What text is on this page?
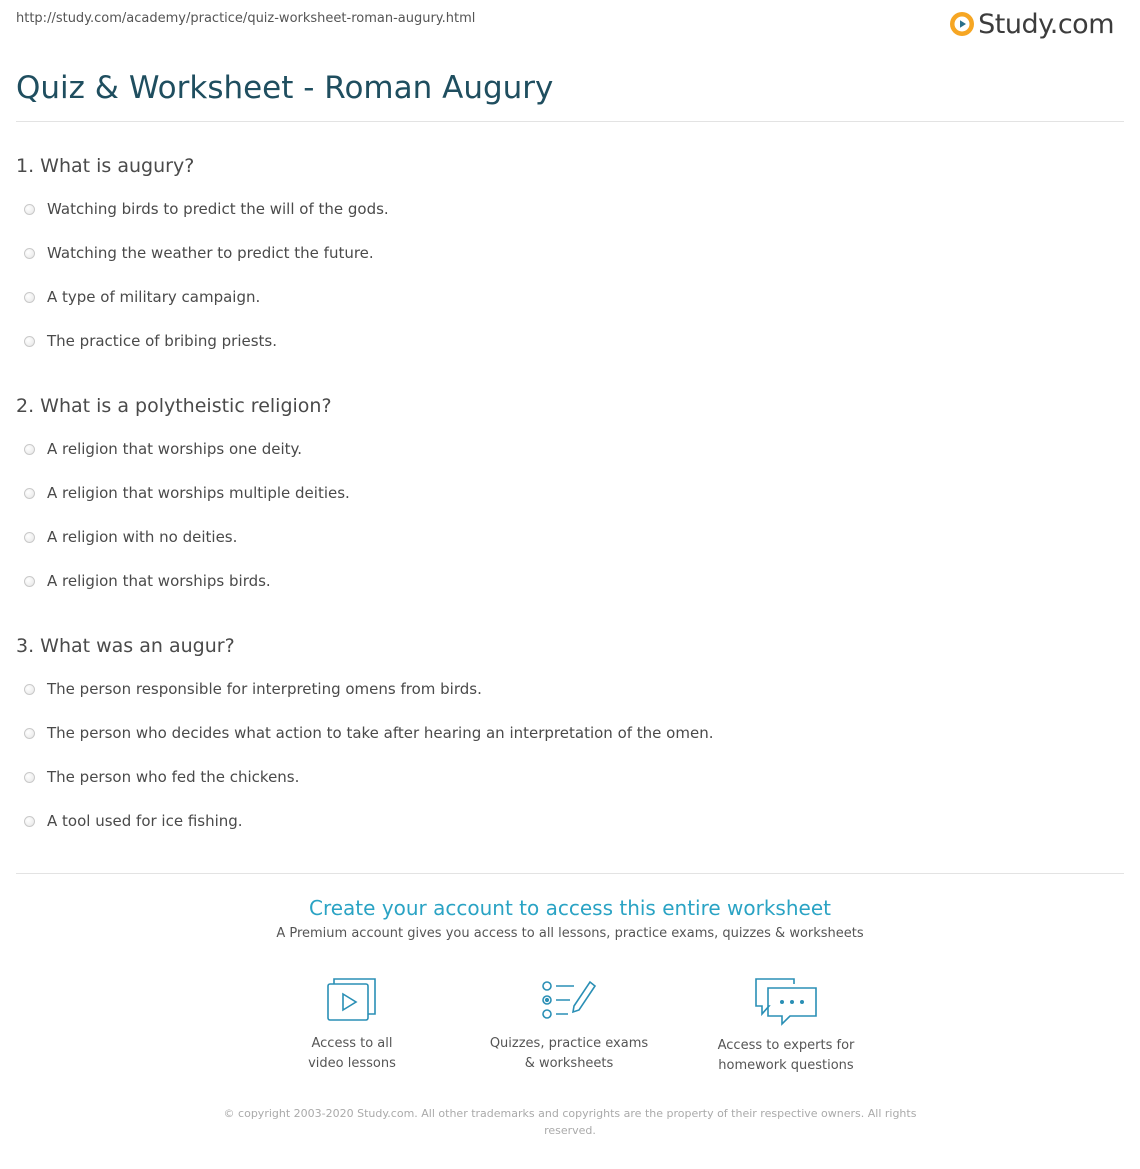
http://study.com/academy/practice/quiz-worksheet-roman-augury.html	Study.com
Quiz & Worksheet - Roman Augury
1. What is augury?
Watching birds to predict the will of the gods.
Watching the weather to predict the future.
A type of military campaign.
The practice of bribing priests.
2. What is a polytheistic religion?
A religion that worships one deity.
A religion that worships multiple deities.
A religion with no deities.
A religion that worships birds.
3. What was an augur?
The person responsible for interpreting omens from birds.
The person who decides what action to take after hearing an interpretation of the omen.
The person who fed the chickens.
A tool used for ice fishing.
Create your account to access this entire worksheet
A Premium account gives you access to all lessons, practice exams, quizzes & worksheets
Access to all
video lessons
Quizzes, practice exams
& worksheets
Access to experts for
homework questions
© copyright 2003-2020 Study.com. All other trademarks and copyrights are the property of their respective owners. All rights reserved.
